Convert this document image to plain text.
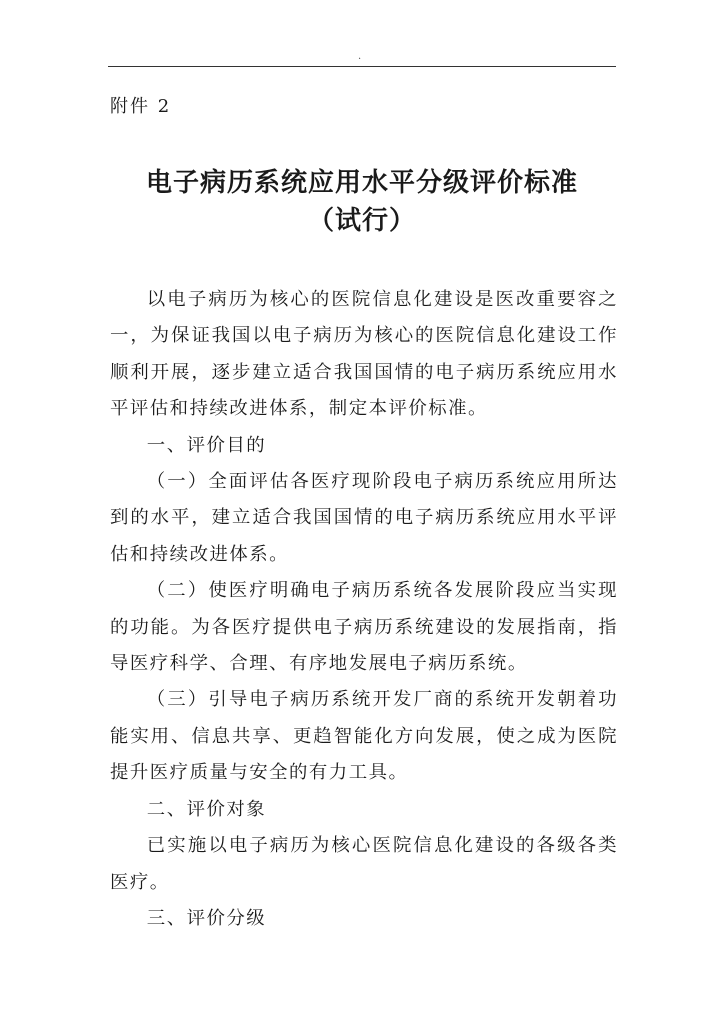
.
附件 2
电子病历系统应用水平分级评价标准
（试行）

以电子病历为核心的医院信息化建设是医改重要容之一，为保证我国以电子病历为核心的医院信息化建设工作顺利开展，逐步建立适合我国国情的电子病历系统应用水平评估和持续改进体系，制定本评价标准。

一、评价目的

（一）全面评估各医疗现阶段电子病历系统应用所达到的水平，建立适合我国国情的电子病历系统应用水平评估和持续改进体系。

（二）使医疗明确电子病历系统各发展阶段应当实现的功能。为各医疗提供电子病历系统建设的发展指南，指导医疗科学、合理、有序地发展电子病历系统。

（三）引导电子病历系统开发厂商的系统开发朝着功能实用、信息共享、更趋智能化方向发展，使之成为医院提升医疗质量与安全的有力工具。

二、评价对象

已实施以电子病历为核心医院信息化建设的各级各类医疗。

三、评价分级
